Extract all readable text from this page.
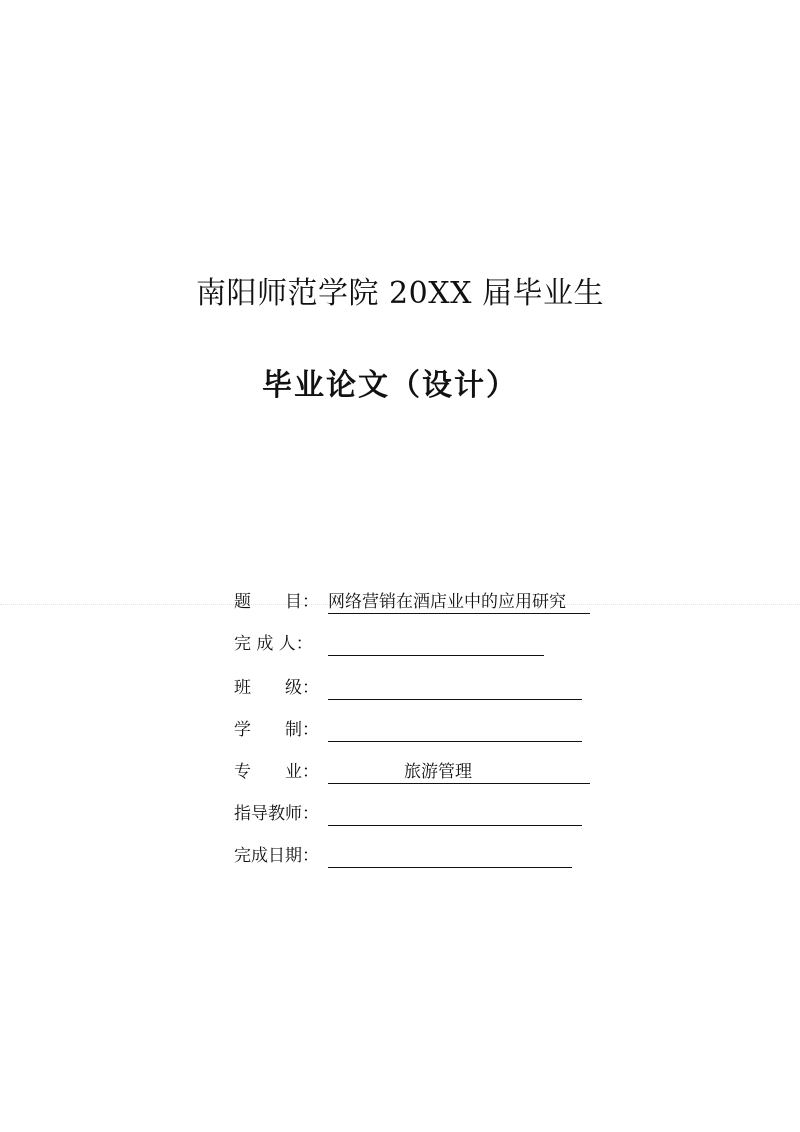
南阳师范学院 20XX 届毕业生
毕业论文（设计）
题　　目： 网络营销在酒店业中的应用研究
完 成 人：
班　　级：
学　　制：
专　　业：	旅游管理
指导教师：
完成日期：
